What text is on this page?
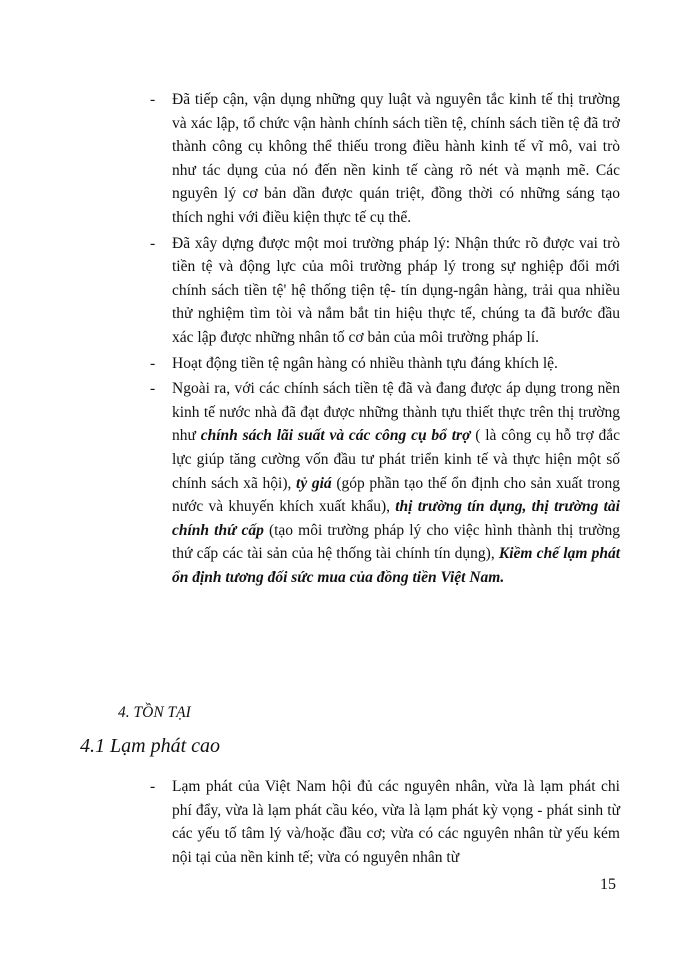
- Đã tiếp cận, vận dụng những quy luật và nguyên tắc kinh tế thị trường và xác lập, tổ chức vận hành chính sách tiền tệ, chính sách tiền tệ đã trở thành công cụ không thể thiếu trong điều hành kinh tế vĩ mô, vai trò như tác dụng của nó đến nền kinh tế càng rõ nét và mạnh mẽ. Các nguyên lý cơ bản dần được quán triệt, đồng thời có những sáng tạo thích nghi với điều kiện thực tế cụ thể.

- Đã xây dựng được một moi trường pháp lý: Nhận thức rõ được vai trò tiền tệ và động lực của môi trường pháp lý trong sự nghiệp đổi mới chính sách tiền tệ' hệ thống tiện tệ- tín dụng-ngân hàng, trải qua nhiều thử nghiệm tìm tòi và nắm bắt tin hiệu thực tế, chúng ta đã bước đầu xác lập được những nhân tố cơ bản của môi trường pháp lí.

- Hoạt động tiền tệ ngân hàng có nhiều thành tựu đáng khích lệ.

- Ngoài ra, với các chính sách tiền tệ đã và đang được áp dụng trong nền kinh tế nước nhà đã đạt được những thành tựu thiết thực trên thị trường như chính sách lãi suất và các công cụ bổ trợ ( là công cụ hỗ trợ đắc lực giúp tăng cường vốn đầu tư phát triển kinh tế và thực hiện một số chính sách xã hội), tỷ giá (góp phần tạo thế ổn định cho sản xuất trong nước và khuyến khích xuất khẩu), thị trường tín dụng, thị trường tài chính thứ cấp (tạo môi trường pháp lý cho việc hình thành thị trường thứ cấp các tài sản của hệ thống tài chính tín dụng), Kiềm chế lạm phát ổn định tương đối sức mua của đồng tiền Việt Nam.

4. TỒN TẠI
4.1 Lạm phát cao
- Lạm phát của Việt Nam hội đủ các nguyên nhân, vừa là lạm phát chi phí đẩy, vừa là lạm phát cầu kéo, vừa là lạm phát kỳ vọng - phát sinh từ các yếu tố tâm lý và/hoặc đầu cơ; vừa có các nguyên nhân từ yếu kém nội tại của nền kinh tế; vừa có nguyên nhân từ

15
